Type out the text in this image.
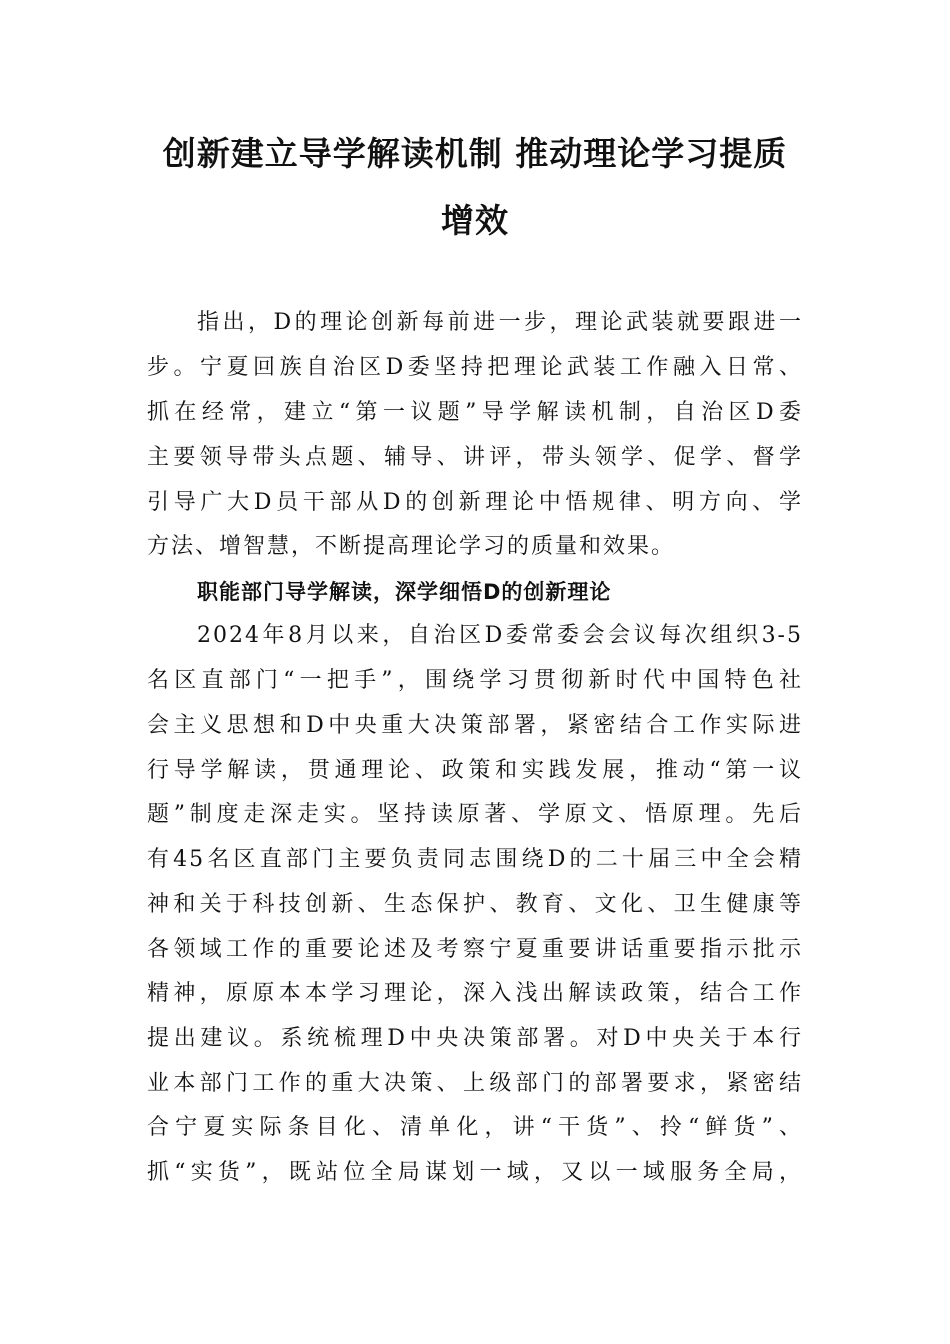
创新建立导学解读机制 推动理论学习提质
增效
指出，D的理论创新每前进一步，理论武装就要跟进一
步。宁夏回族自治区D委坚持把理论武装工作融入日常、
抓在经常，建立“第一议题”导学解读机制，自治区D委
主要领导带头点题、辅导、讲评，带头领学、促学、督学
引导广大D员干部从D的创新理论中悟规律、明方向、学
方法、增智慧，不断提高理论学习的质量和效果。
职能部门导学解读，深学细悟D的创新理论
2024年8月以来，自治区D委常委会会议每次组织3-5
名区直部门“一把手”，围绕学习贯彻新时代中国特色社
会主义思想和D中央重大决策部署，紧密结合工作实际进
行导学解读，贯通理论、政策和实践发展，推动“第一议
题”制度走深走实。坚持读原著、学原文、悟原理。先后
有45名区直部门主要负责同志围绕D的二十届三中全会精
神和关于科技创新、生态保护、教育、文化、卫生健康等
各领域工作的重要论述及考察宁夏重要讲话重要指示批示
精神，原原本本学习理论，深入浅出解读政策，结合工作
提出建议。系统梳理D中央决策部署。对D中央关于本行
业本部门工作的重大决策、上级部门的部署要求，紧密结
合宁夏实际条目化、清单化，讲“干货”、拎“鲜货”、
抓“实货”，既站位全局谋划一域，又以一域服务全局，
